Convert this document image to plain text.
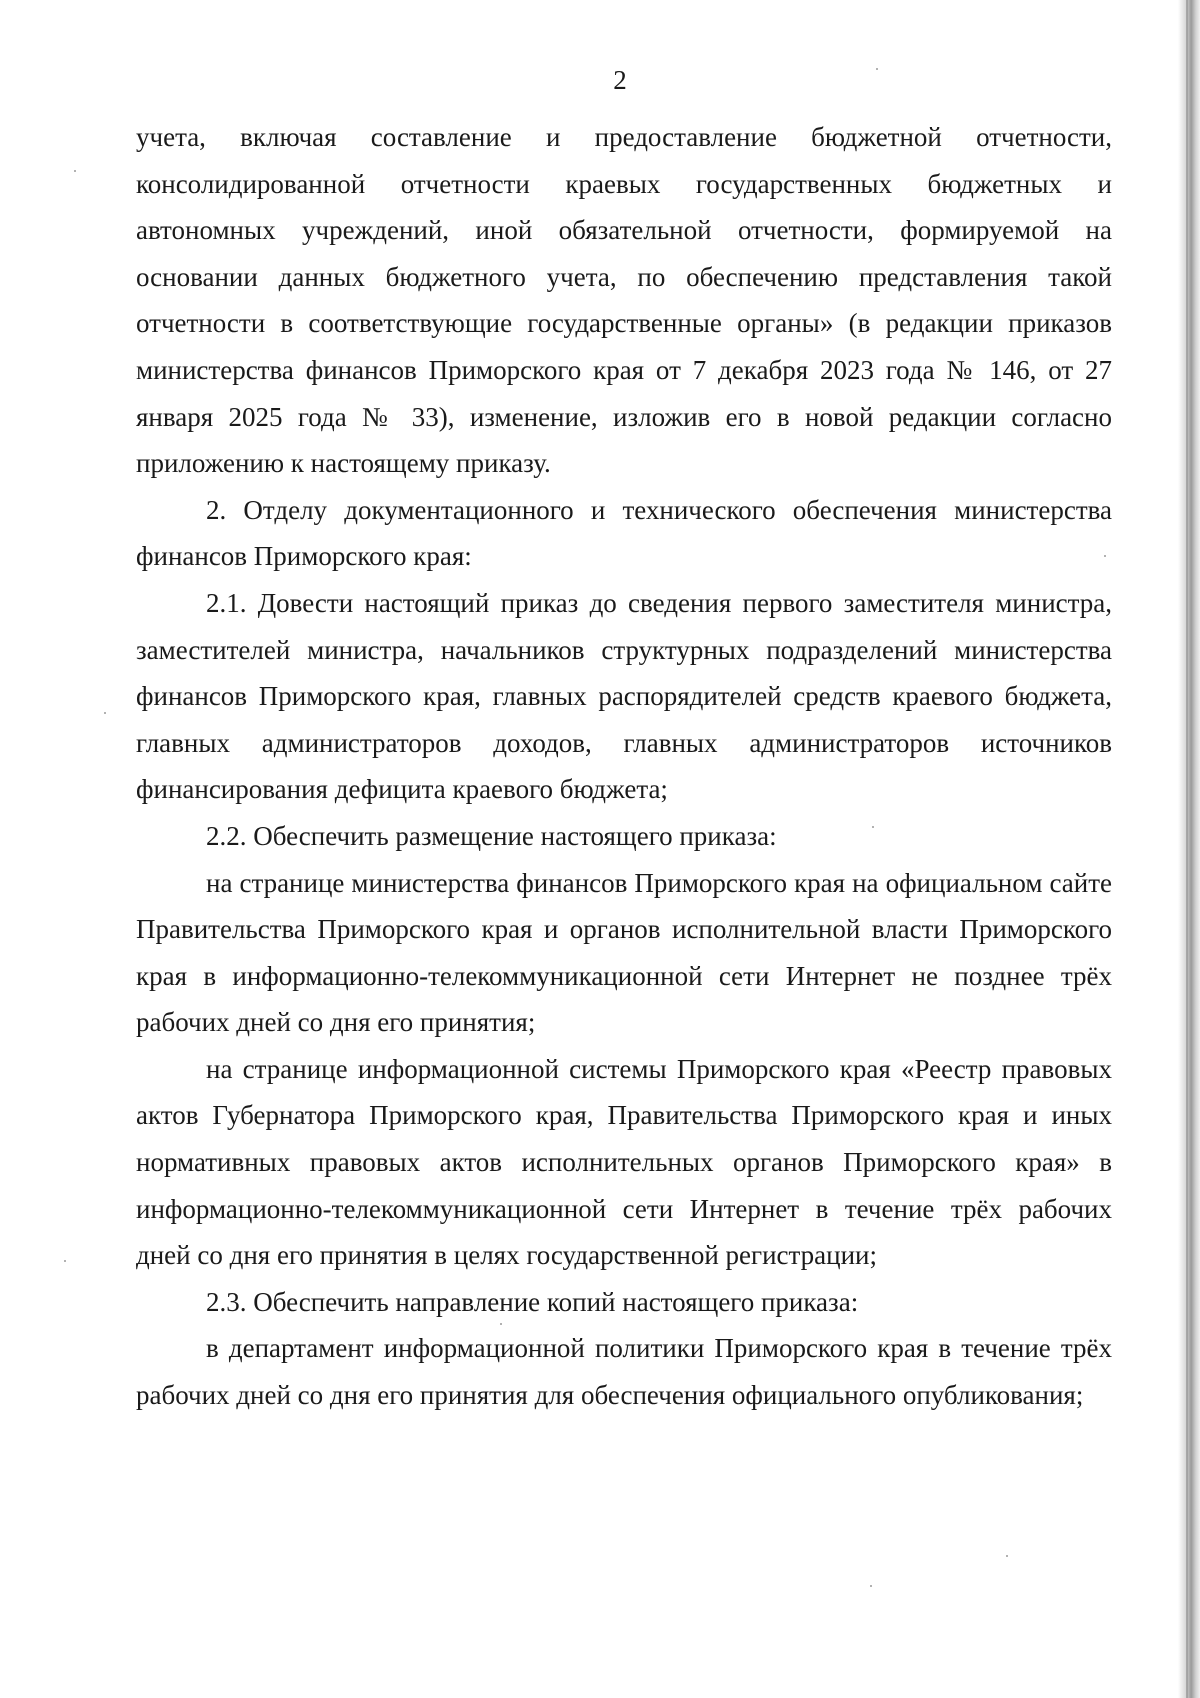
2

учета, включая составление и предоставление бюджетной отчетности, консолидированной отчетности краевых государственных бюджетных и автономных учреждений, иной обязательной отчетности, формируемой на основании данных бюджетного учета, по обеспечению представления такой отчетности в соответствующие государственные органы» (в редакции приказов министерства финансов Приморского края от 7 декабря 2023 года № 146, от 27 января 2025 года № 33), изменение, изложив его в новой редакции согласно приложению к настоящему приказу.

2. Отделу документационного и технического обеспечения министерства финансов Приморского края:

2.1. Довести настоящий приказ до сведения первого заместителя министра, заместителей министра, начальников структурных подразделений министерства финансов Приморского края, главных распорядителей средств краевого бюджета, главных администраторов доходов, главных администраторов источников финансирования дефицита краевого бюджета;

2.2. Обеспечить размещение настоящего приказа:

на странице министерства финансов Приморского края на официальном сайте Правительства Приморского края и органов исполнительной власти Приморского края в информационно-телекоммуникационной сети Интернет не позднее трёх рабочих дней со дня его принятия;

на странице информационной системы Приморского края «Реестр правовых актов Губернатора Приморского края, Правительства Приморского края и иных нормативных правовых актов исполнительных органов Приморского края» в информационно-телекоммуникационной сети Интернет в течение трёх рабочих дней со дня его принятия в целях государственной регистрации;

2.3. Обеспечить направление копий настоящего приказа:

в департамент информационной политики Приморского края в течение трёх рабочих дней со дня его принятия для обеспечения официального опубликования;
